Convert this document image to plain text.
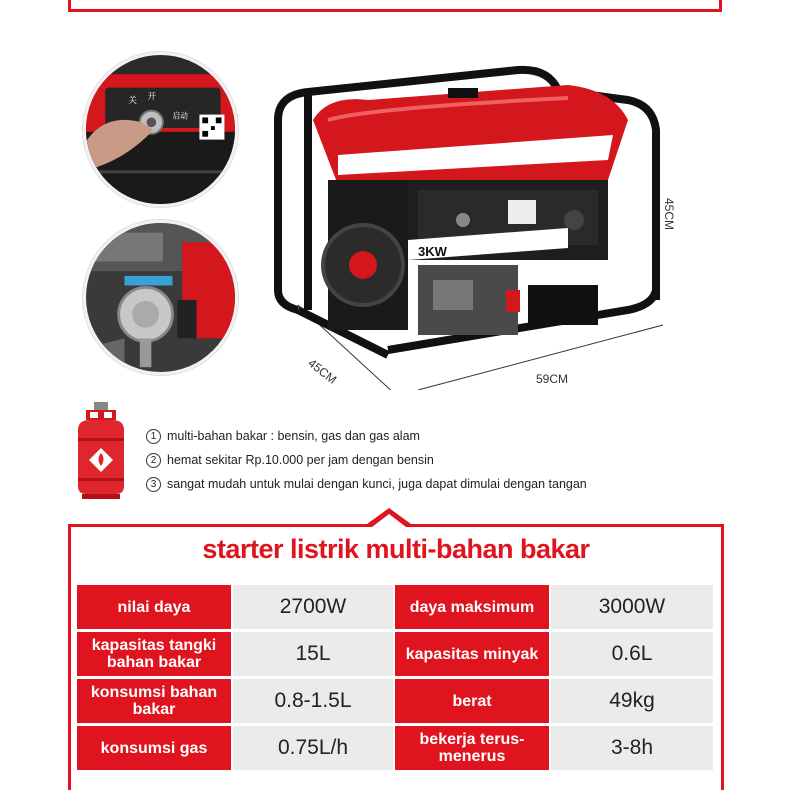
关 开
启动
3KW
45CM
45CM	59CM
1 multi-bahan bakar : bensin, gas dan gas alam
2 hemat sekitar Rp.10.000 per jam dengan bensin
3 sangat mudah untuk mulai dengan kunci, juga dapat dimulai dengan tangan
starter listrik multi-bahan bakar
nilai daya	2700W	daya maksimum	3000W
kapasitas tangki bahan bakar	15L	kapasitas minyak	0.6L
konsumsi bahan bakar	0.8-1.5L	berat	49kg
konsumsi gas	0.75L/h	bekerja terus-menerus	3-8h
